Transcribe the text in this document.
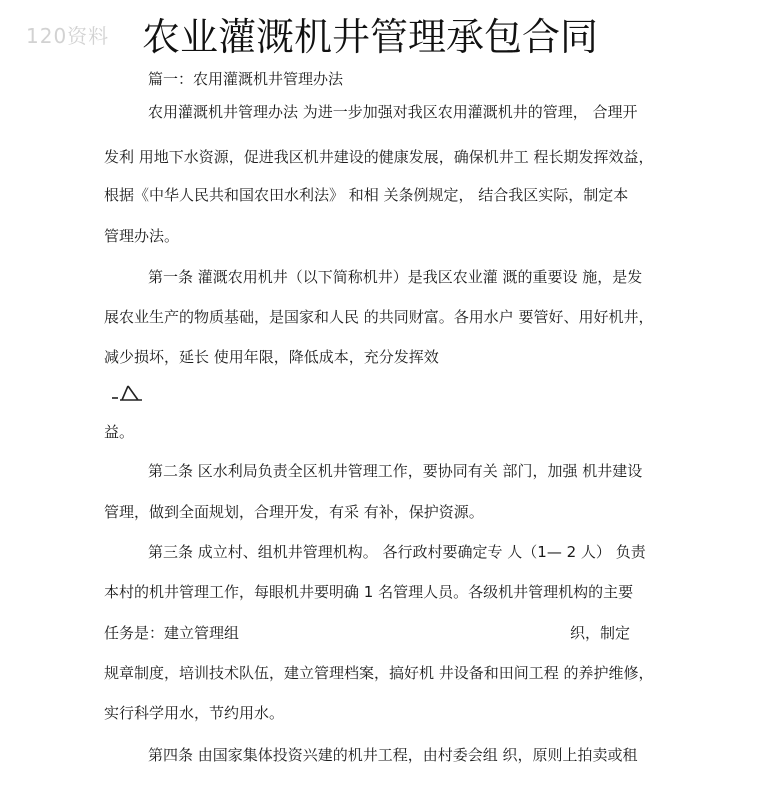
120资料 农业灌溉机井管理承包合同
篇一：农用灌溉机井管理办法
农用灌溉机井管理办法 为进一步加强对我区农用灌溉机井的管理， 合理开
发利 用地下水资源，促进我区机井建设的健康发展，确保机井工 程长期发挥效益，
根据《中华人民共和国农田水利法》 和相 关条例规定， 结合我区实际，制定本
管理办法。
第一条 灌溉农用机井（以下简称机井）是我区农业灌 溉的重要设 施，是发
展农业生产的物质基础，是国家和人民 的共同财富。各用水户 要管好、用好机井，
减少损坏，延长 使用年限，降低成本，充分发挥效
益。
第二条 区水利局负责全区机井管理工作，要协同有关 部门，加强 机井建设
管理，做到全面规划，合理开发，有采 有补，保护资源。
第三条 成立村、组机井管理机构。 各行政村要确定专 人（1— 2 人） 负责
本村的机井管理工作，每眼机井要明确 1 名管理人员。各级机井管理机构的主要
任务是：建立管理组	织，制定
规章制度，培训技术队伍，建立管理档案，搞好机 井设备和田间工程 的养护维修，
实行科学用水，节约用水。
第四条 由国家集体投资兴建的机井工程，由村委会组 织，原则上拍卖或租
